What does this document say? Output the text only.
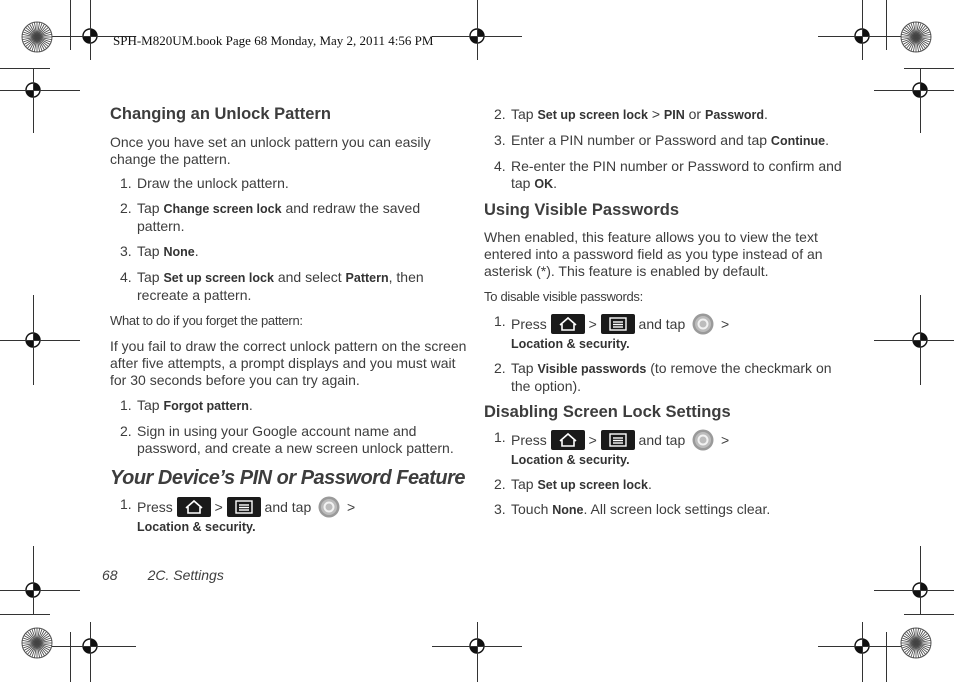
SPH-M820UM.book Page 68 Monday, May 2, 2011 4:56 PM
Changing an Unlock Pattern

Once you have set an unlock pattern you can easily change the pattern.

1. Draw the unlock pattern.
2. Tap Change screen lock and redraw the saved pattern.
3. Tap None.
4. Tap Set up screen lock and select Pattern, then recreate a pattern.

What to do if you forget the pattern:

If you fail to draw the correct unlock pattern on the screen after five attempts, a prompt displays and you must wait for 30 seconds before you can try again.

1. Tap Forgot pattern.
2. Sign in using your Google account name and password, and create a new screen unlock pattern.
Your Device’s PIN or Password Feature
1. Press
>
and tap  >
Location & security.
2. Tap Set up screen lock > PIN or Password.
3. Enter a PIN number or Password and tap Continue.
4. Re-enter the PIN number or Password to confirm and tap OK.
Using Visible Passwords

When enabled, this feature allows you to view the text entered into a password field as you type instead of an asterisk (*). This feature is enabled by default.

To disable visible passwords:

1. Press
>
and tap  >
Location & security.
2. Tap Visible passwords (to remove the checkmark on the option).
Disabling Screen Lock Settings
1. Press
>
and tap  >
Location & security.
2. Tap Set up screen lock.
3. Touch None. All screen lock settings clear.
68 2C. Settings
